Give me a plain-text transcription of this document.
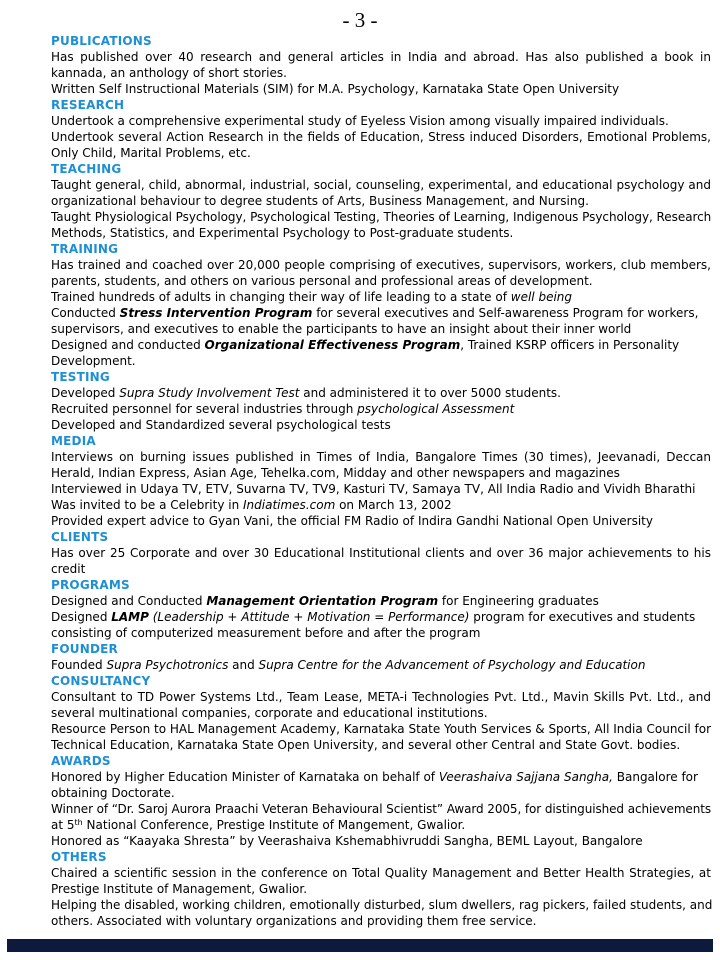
- 3 -
PUBLICATIONS
Has published over 40 research and general articles in India and abroad. Has also published a book in
kannada, an anthology of short stories.
Written Self Instructional Materials (SIM) for M.A. Psychology, Karnataka State Open University
RESEARCH
Undertook a comprehensive experimental study of Eyeless Vision among visually impaired individuals.
Undertook several Action Research in the fields of Education, Stress induced Disorders, Emotional Problems,
Only Child, Marital Problems, etc.
TEACHING
Taught general, child, abnormal, industrial, social, counseling, experimental, and educational psychology and
organizational behaviour to degree students of Arts, Business Management, and Nursing.
Taught Physiological Psychology, Psychological Testing, Theories of Learning, Indigenous Psychology, Research
Methods, Statistics, and Experimental Psychology to Post-graduate students.
TRAINING
Has trained and coached over 20,000 people comprising of executives, supervisors, workers, club members,
parents, students, and others on various personal and professional areas of development.
Trained hundreds of adults in changing their way of life leading to a state of well being
Conducted Stress Intervention Program for several executives and Self-awareness Program for workers,
supervisors, and executives to enable the participants to have an insight about their inner world
Designed and conducted Organizational Effectiveness Program, Trained KSRP officers in Personality
Development.
TESTING
Developed Supra Study Involvement Test and administered it to over 5000 students.
Recruited personnel for several industries through psychological Assessment
Developed and Standardized several psychological tests
MEDIA
Interviews on burning issues published in Times of India, Bangalore Times (30 times), Jeevanadi, Deccan
Herald, Indian Express, Asian Age, Tehelka.com, Midday and other newspapers and magazines
Interviewed in Udaya TV, ETV, Suvarna TV, TV9, Kasturi TV, Samaya TV, All India Radio and Vividh Bharathi
Was invited to be a Celebrity in Indiatimes.com on March 13, 2002
Provided expert advice to Gyan Vani, the official FM Radio of Indira Gandhi National Open University
CLIENTS
Has over 25 Corporate and over 30 Educational Institutional clients and over 36 major achievements to his
credit
PROGRAMS
Designed and Conducted Management Orientation Program for Engineering graduates
Designed LAMP (Leadership + Attitude + Motivation = Performance) program for executives and students
consisting of computerized measurement before and after the program
FOUNDER
Founded Supra Psychotronics and Supra Centre for the Advancement of Psychology and Education
CONSULTANCY
Consultant to TD Power Systems Ltd., Team Lease, META-i Technologies Pvt. Ltd., Mavin Skills Pvt. Ltd., and
several multinational companies, corporate and educational institutions.
Resource Person to HAL Management Academy, Karnataka State Youth Services & Sports, All India Council for
Technical Education, Karnataka State Open University, and several other Central and State Govt. bodies.
AWARDS
Honored by Higher Education Minister of Karnataka on behalf of Veerashaiva Sajjana Sangha, Bangalore for
obtaining Doctorate.
Winner of “Dr. Saroj Aurora Praachi Veteran Behavioural Scientist” Award 2005, for distinguished achievements
at 5th National Conference, Prestige Institute of Mangement, Gwalior.
Honored as “Kaayaka Shresta” by Veerashaiva Kshemabhivruddi Sangha, BEML Layout, Bangalore
OTHERS
Chaired a scientific session in the conference on Total Quality Management and Better Health Strategies, at
Prestige Institute of Management, Gwalior.
Helping the disabled, working children, emotionally disturbed, slum dwellers, rag pickers, failed students, and
others. Associated with voluntary organizations and providing them free service.
